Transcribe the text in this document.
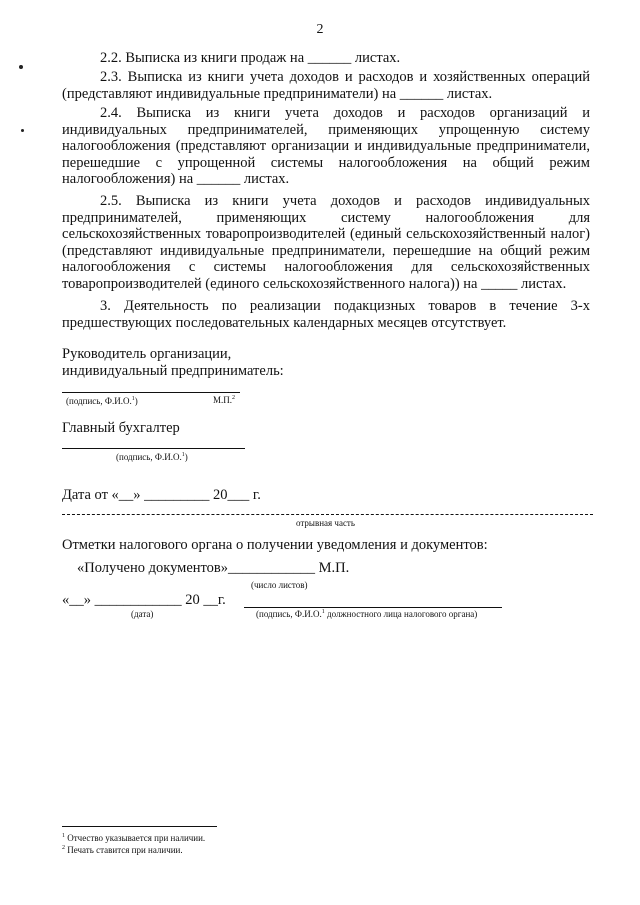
2
2.2. Выписка из книги продаж на ______ листах.
2.3. Выписка из книги учета доходов и расходов и хозяйственных операций (представляют индивидуальные предприниматели) на ______ листах.
2.4. Выписка из книги учета доходов и расходов организаций и индивидуальных предпринимателей, применяющих упрощенную систему налогообложения (представляют организации и индивидуальные предприниматели, перешедшие с упрощенной системы налогообложения на общий режим налогообложения) на ______ листах.
2.5. Выписка из книги учета доходов и расходов индивидуальных предпринимателей, применяющих систему налогообложения для сельскохозяйственных товаропроизводителей (единый сельскохозяйственный налог) (представляют индивидуальные предприниматели, перешедшие на общий режим налогообложения с системы налогообложения для сельскохозяйственных товаропроизводителей (единого сельскохозяйственного налога)) на _____ листах.
3. Деятельность по реализации подакцизных товаров в течение 3-х предшествующих последовательных календарных месяцев отсутствует.
Руководитель организации,
индивидуальный предприниматель:
(подпись, Ф.И.О.$^1$)	М.П.$^2$
Главный бухгалтер
(подпись, Ф.И.О.$^1$)
Дата от «__» _________ 20___ г.
отрывная часть
Отметки налогового органа о получении уведомления и документов:
«Получено документов»____________ М.П.
(число листов)
«__» ____________ 20 __г.
(дата)	(подпись, Ф.И.О.$^1$ должностного лица налогового органа)
$^1$ Отчество указывается при наличии.
$^2$ Печать ставится при наличии.
